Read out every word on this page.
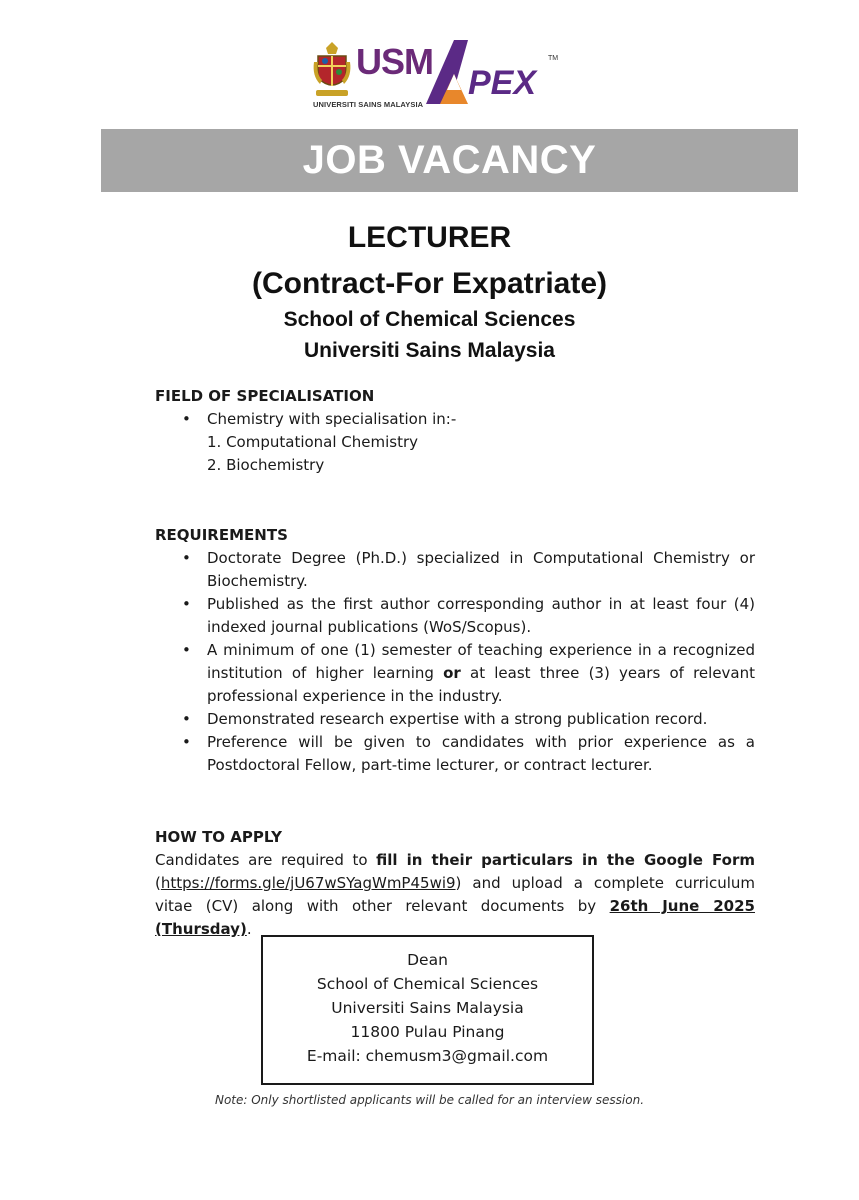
USM
UNIVERSITI SAINS MALAYSIA
PEX
TM
JOB VACANCY
LECTURER
(Contract-For Expatriate)
School of Chemical Sciences
Universiti Sains Malaysia
FIELD OF SPECIALISATION
• Chemistry with specialisation in:-
1. Computational Chemistry
2. Biochemistry
REQUIREMENTS
• Doctorate Degree (Ph.D.) specialized in Computational Chemistry or Biochemistry.
• Published as the first author corresponding author in at least four (4) indexed journal publications (WoS/Scopus).
• A minimum of one (1) semester of teaching experience in a recognized institution of higher learning or at least three (3) years of relevant professional experience in the industry.
• Demonstrated research expertise with a strong publication record.
• Preference will be given to candidates with prior experience as a Postdoctoral Fellow, part-time lecturer, or contract lecturer.
HOW TO APPLY
Candidates are required to fill in their particulars in the Google Form
(https://forms.gle/jU67wSYagWmP45wi9) and upload a complete curriculum
vitae (CV) along with other relevant documents by 26th June 2025 (Thursday).
Dean
School of Chemical Sciences
Universiti Sains Malaysia
11800 Pulau Pinang
E-mail: chemusm3@gmail.com
Note: Only shortlisted applicants will be called for an interview session.
